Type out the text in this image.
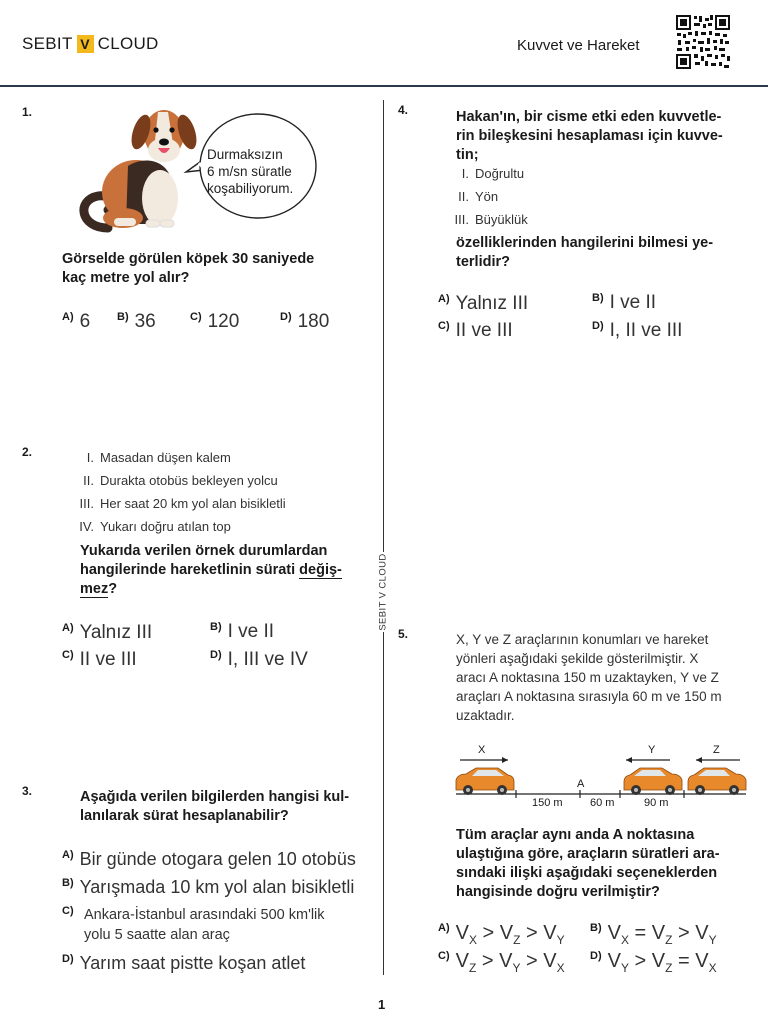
SEBIT V CLOUD	Kuvvet ve Hareket
SEBIT V CLOUD
1.
Durmaksızın
6 m/sn süratle
koşabiliyorum.
Görselde görülen köpek 30 saniyede
kaç metre yol alır?
$^{A)}$ 6 $^{B)}$ 36	$^{C)}$ 120	$^{D)}$ 180
2.	I. Masadan düşen kalem
II. Durakta otobüs bekleyen yolcu
III. Her saat 20 km yol alan bisikletli
IV. Yukarı doğru atılan top
Yukarıda verilen örnek durumlardan
hangilerinde hareketlinin sürati değiş-
mez?
$^{A)}$ Yalnız III	$^{B)}$ I ve II
$^{C)}$ II ve III	$^{D)}$ I, III ve IV
3.	Aşağıda verilen bilgilerden hangisi kul-
lanılarak sürat hesaplanabilir?
$^{A)}$ Bir günde otogara gelen 10 otobüs
$^{B)}$ Yarışmada 10 km yol alan bisikletli
$^{C)}$ Ankara-İstanbul arasındaki 500 km'lik
yolu 5 saatte alan araç
$^{D)}$ Yarım saat pistte koşan atlet
4.	Hakan'ın, bir cisme etki eden kuvvetle-
rin bileşkesini hesaplaması için kuvve-
tin;
I. Doğrultu
II. Yön
III. Büyüklük
özelliklerinden hangilerini bilmesi ye-
terlidir?
$^{A)}$ Yalnız III	$^{B)}$ I ve II
$^{C)}$ II ve III	$^{D)}$ I, II ve III
5.	X, Y ve Z araçlarının konumları ve hareket
yönleri aşağıdaki şekilde gösterilmiştir. X
aracı A noktasına 150 m uzaktayken, Y ve Z
araçları A noktasına sırasıyla 60 m ve 150 m
uzaktadır.
X	Y	Z
A
150 m 60 m	90 m
Tüm araçlar aynı anda A noktasına
ulaştığına göre, araçların süratleri ara-
sındaki ilişki aşağıdaki seçeneklerden
hangisinde doğru verilmiştir?
$^{A)}$ $V_X > V_Z > V_Y$
$^{B)}$ $V_X = V_Z > V_Y$
$^{C)}$ $V_Z > V_Y > V_X$
$^{D)}$ $V_Y > V_Z = V_X$
1
